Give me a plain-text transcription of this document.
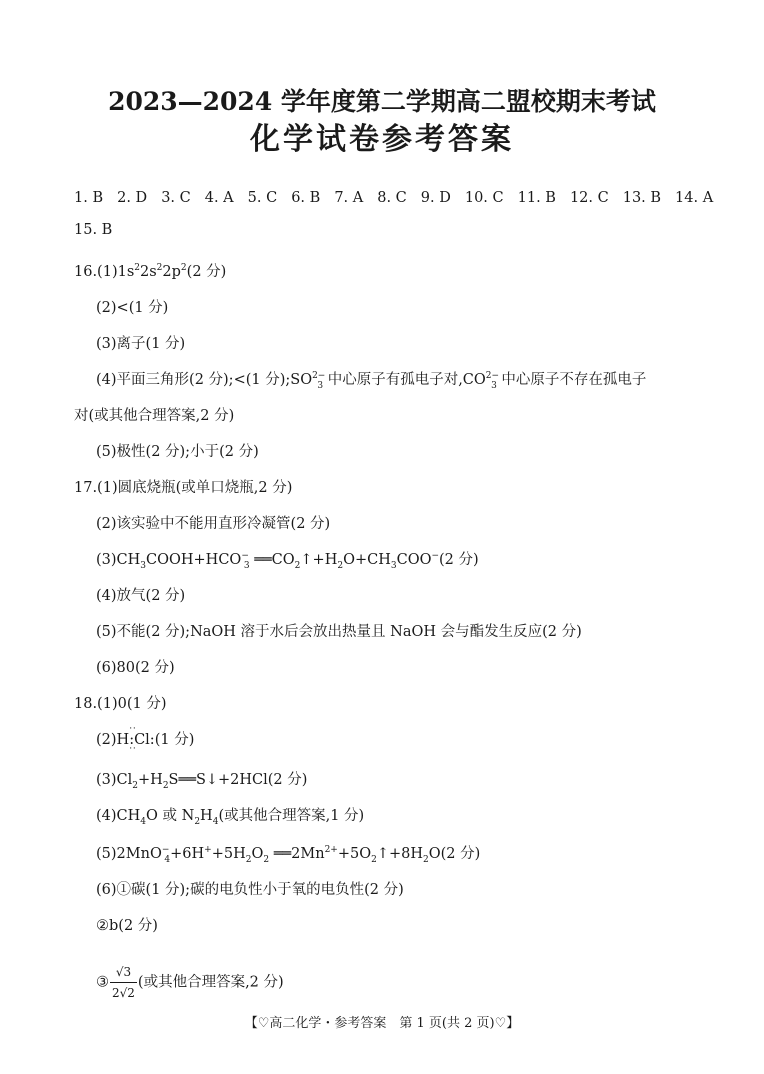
2023—2024 学年度第二学期高二盟校期末考试
化学试卷参考答案
1. B 2. D 3. C 4. A 5. C 6. B 7. A 8. C 9. D 10. C 11. B 12. C 13. B 14. A
15. B
$16.(1)1s^22s^22p^2(2$ 分)
(2)<(1 分)
(3)离子(1 分)
(4)平面三角形(2 分);<(1 分)$;SO^{2-}_3$ 中心原子有孤电子对$,CO^{2-}_3$ 中心原子不存在孤电子
对(或其他合理答案,2 分)
(5)极性(2 分);小于(2 分)
17.(1)圆底烧瓶(或单口烧瓶,2 分)
(2)该实验中不能用直形冷凝管(2 分)
$(3)CH_3COOH+HCO^-_3$ $══CO_2↑+H_2O+CH_3COO^-(2$ 分)
(4)放气(2 分)
(5)不能(2 分);NaOH 溶于水后会放出热量且 NaOH 会与酯发生反应(2 分)
(6)80(2 分)
18.(1)0(1 分)
(2)H· · :Cl: · ·(1 分)
$(3)Cl_2+H_2S══S↓+2HCl(2$ 分)
$(4)CH_4O$ 或 $N_2H_4$(或其他合理答案,1 分)
$(5)2MnO^-_4+6H^++5H_2O_2$ $══2Mn^{2+}+5O_2↑+8H_2O(2$ 分)
(6)①碳(1 分);碳的电负性小于氧的电负性(2 分)
②b(2 分)
③ $\frac{√3}{2√2}$ (或其他合理答案,2 分)
【♡高二化学・参考答案　第 1 页(共 2 页)♡】
